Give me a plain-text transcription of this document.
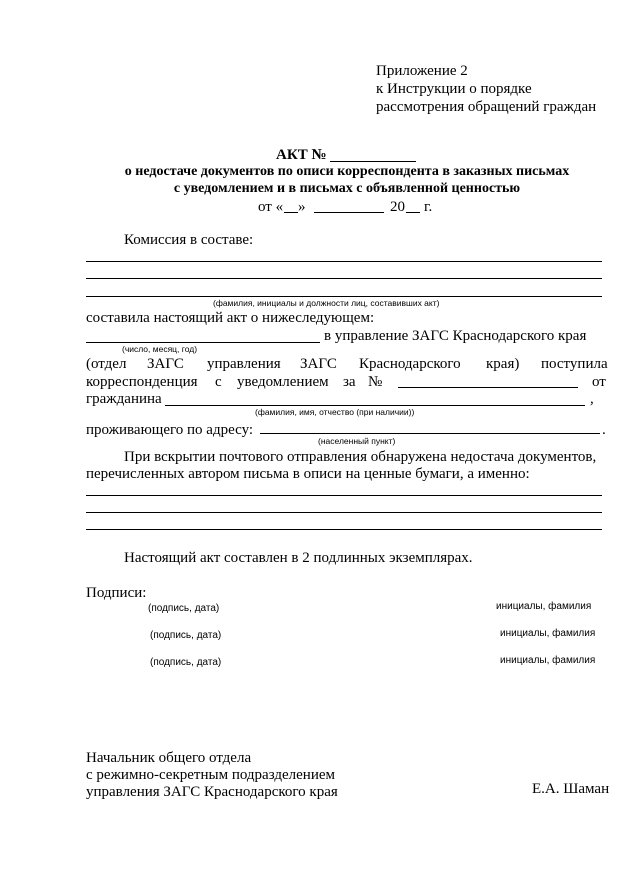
Приложение 2
к Инструкции о порядке
рассмотрения обращений граждан
АКТ №
о недостаче документов по описи корреспондента в заказных письмах
с уведомлением и в письмах с объявленной ценностью
от « »	20 г.
Комиссия в составе:
(фамилия, инициалы и должности лиц, составивших акт)
составила настоящий акт о нижеследующем:
в управление ЗАГС Краснодарского края
(число, месяц, год)
(отдел ЗАГС управления ЗАГС Краснодарского края) поступила
корреспонденция с уведомлением за №	от
гражданина	,
(фамилия, имя, отчество (при наличии))
проживающего по адресу:	.
(населенный пункт)
При вскрытии почтового отправления обнаружена недостача документов,
перечисленных автором письма в описи на ценные бумаги, а именно:
Настоящий акт составлен в 2 подлинных экземплярах.
Подписи:
(подпись, дата)	инициалы, фамилия
(подпись, дата)	инициалы, фамилия
(подпись, дата)	инициалы, фамилия
Начальник общего отдела
с режимно-секретным подразделением
управления ЗАГС Краснодарского края	Е.А. Шаман
